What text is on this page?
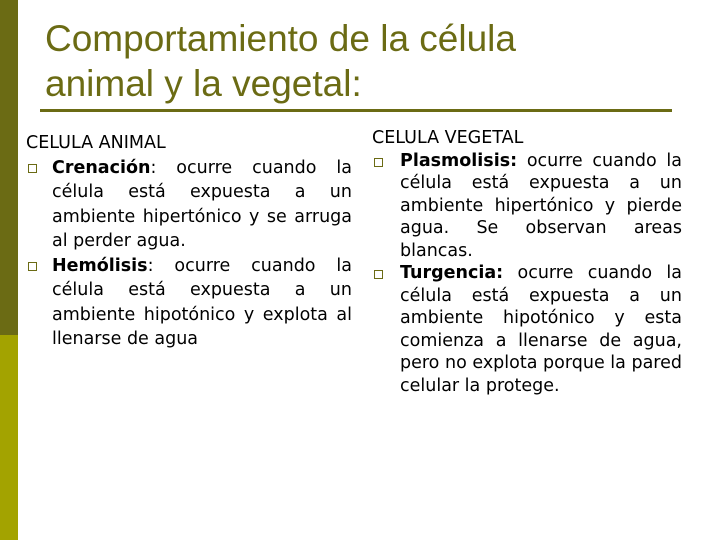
Comportamiento de la célula
animal y la vegetal:
CELULA ANIMAL
Crenación: ocurre cuando la célula está expuesta a un ambiente hipertónico y se arruga al perder agua.
Hemólisis: ocurre cuando la célula está expuesta a un ambiente hipotónico y explota al llenarse de agua
CELULA VEGETAL
Plasmolisis: ocurre cuando la célula está expuesta a un ambiente hipertónico y pierde agua. Se observan areas blancas.
Turgencia: ocurre cuando la célula está expuesta a un ambiente hipotónico y esta comienza a llenarse de agua, pero no explota porque la pared celular la protege.
